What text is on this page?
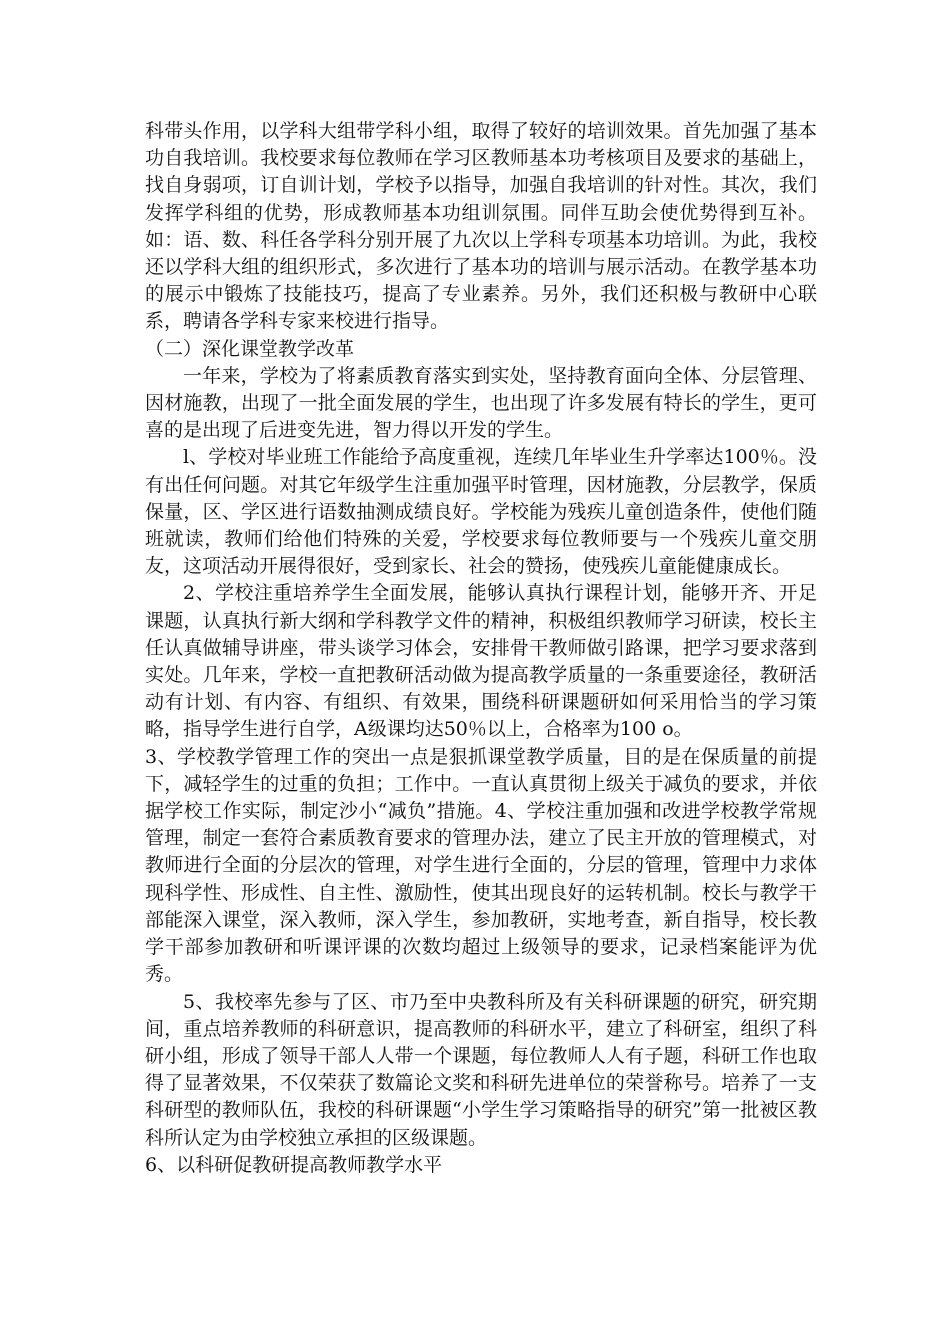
科带头作用，以学科大组带学科小组，取得了较好的培训效果。首先加强了基本功自我培训。我校要求每位教师在学习区教师基本功考核项目及要求的基础上，找自身弱项，订自训计划，学校予以指导，加强自我培训的针对性。其次，我们发挥学科组的优势，形成教师基本功组训氛围。同伴互助会使优势得到互补。如：语、数、科任各学科分别开展了九次以上学科专项基本功培训。为此，我校还以学科大组的组织形式，多次进行了基本功的培训与展示活动。在教学基本功的展示中锻炼了技能技巧，提高了专业素养。另外，我们还积极与教研中心联系，聘请各学科专家来校进行指导。

（二）深化课堂教学改革

一年来，学校为了将素质教育落实到实处，坚持教育面向全体、分层管理、因材施教，出现了一批全面发展的学生，也出现了许多发展有特长的学生，更可喜的是出现了后进变先进，智力得以开发的学生。

l、学校对毕业班工作能给予高度重视，连续几年毕业生升学率达100％。没有出任何问题。对其它年级学生注重加强平时管理，因材施教，分层教学，保质保量，区、学区进行语数抽测成绩良好。学校能为残疾儿童创造条件，使他们随班就读，教师们给他们特殊的关爱，学校要求每位教师要与一个残疾儿童交朋友，这项活动开展得很好，受到家长、社会的赞扬，使残疾儿童能健康成长。

2、学校注重培养学生全面发展，能够认真执行课程计划，能够开齐、开足课题，认真执行新大纲和学科教学文件的精神，积极组织教师学习研读，校长主任认真做辅导讲座，带头谈学习体会，安排骨干教师做引路课，把学习要求落到实处。几年来，学校一直把教研活动做为提高教学质量的一条重要途径，教研活动有计划、有内容、有组织、有效果，围绕科研课题研如何采用恰当的学习策略，指导学生进行自学，A级课均达50％以上，合格率为100 o。

3、学校教学管理工作的突出一点是狠抓课堂教学质量，目的是在保质量的前提下，减轻学生的过重的负担；工作中。一直认真贯彻上级关于减负的要求，并依据学校工作实际，制定沙小“减负”措施。4、学校注重加强和改进学校教学常规管理，制定一套符合素质教育要求的管理办法，建立了民主开放的管理模式，对教师进行全面的分层次的管理，对学生进行全面的，分层的管理，管理中力求体现科学性、形成性、自主性、激励性，使其出现良好的运转机制。校长与教学干部能深入课堂，深入教师，深入学生，参加教研，实地考查，新自指导，校长教学干部参加教研和听课评课的次数均超过上级领导的要求，记录档案能评为优秀。

5、我校率先参与了区、市乃至中央教科所及有关科研课题的研究，研究期间，重点培养教师的科研意识，提高教师的科研水平，建立了科研室，组织了科研小组，形成了领导干部人人带一个课题，每位教师人人有子题，科研工作也取得了显著效果，不仅荣获了数篇论文奖和科研先进单位的荣誉称号。培养了一支科研型的教师队伍，我校的科研课题“小学生学习策略指导的研究”第一批被区教科所认定为由学校独立承担的区级课题。

6、以科研促教研提高教师教学水平
